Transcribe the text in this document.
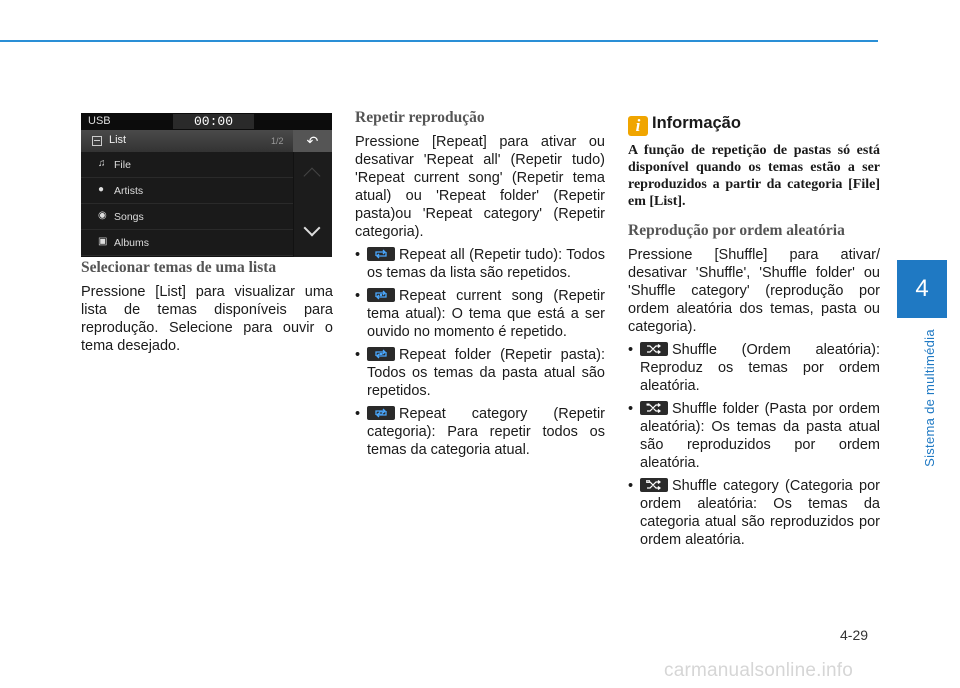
USB	00:00
List	1/2	↶
♫ File
● Artists
◉ Songs
▣ Albums
Selecionar temas de uma lista

Pressione [List] para visualizar uma lista de temas disponíveis para reprodução. Selecione para ouvir o tema desejado.

Repetir reprodução

Pressione [Repeat] para ativar ou desativar 'Repeat all' (Repetir tudo) 'Repeat current song' (Repetir tema atual) ou 'Repeat folder' (Repetir pasta)ou 'Repeat category' (Repetir categoria).

•	Repeat all (Repetir tudo): Todos os temas da lista são repetidos.
•	Repeat current song (Repetir tema atual): O tema que está a ser ouvido no momento é repetido.
•	Repeat folder (Repetir pasta): Todos os temas da pasta atual são repetidos.
•	Repeat category (Repetir categoria): Para repetir todos os temas da categoria atual.
i Informação

A função de repetição de pastas só está disponível quando os temas estão a ser reproduzidos a partir da categoria [File] em [List].

Reprodução por ordem aleatória

Pressione [Shuffle] para ativar/ desativar 'Shuffle', 'Shuffle folder' ou 'Shuffle category' (reprodução por ordem aleatória dos temas, pasta ou categoria).

•	Shuffle (Ordem aleatória): Reproduz os temas por ordem aleatória.
•	Shuffle folder (Pasta por ordem aleatória): Os temas da pasta atual são reproduzidos por ordem aleatória.
•	Shuffle category (Categoria por ordem aleatória: Os temas da categoria atual são reproduzidos por ordem aleatória.
4
Sistema de multimédia
4-29
carmanualsonline.info
